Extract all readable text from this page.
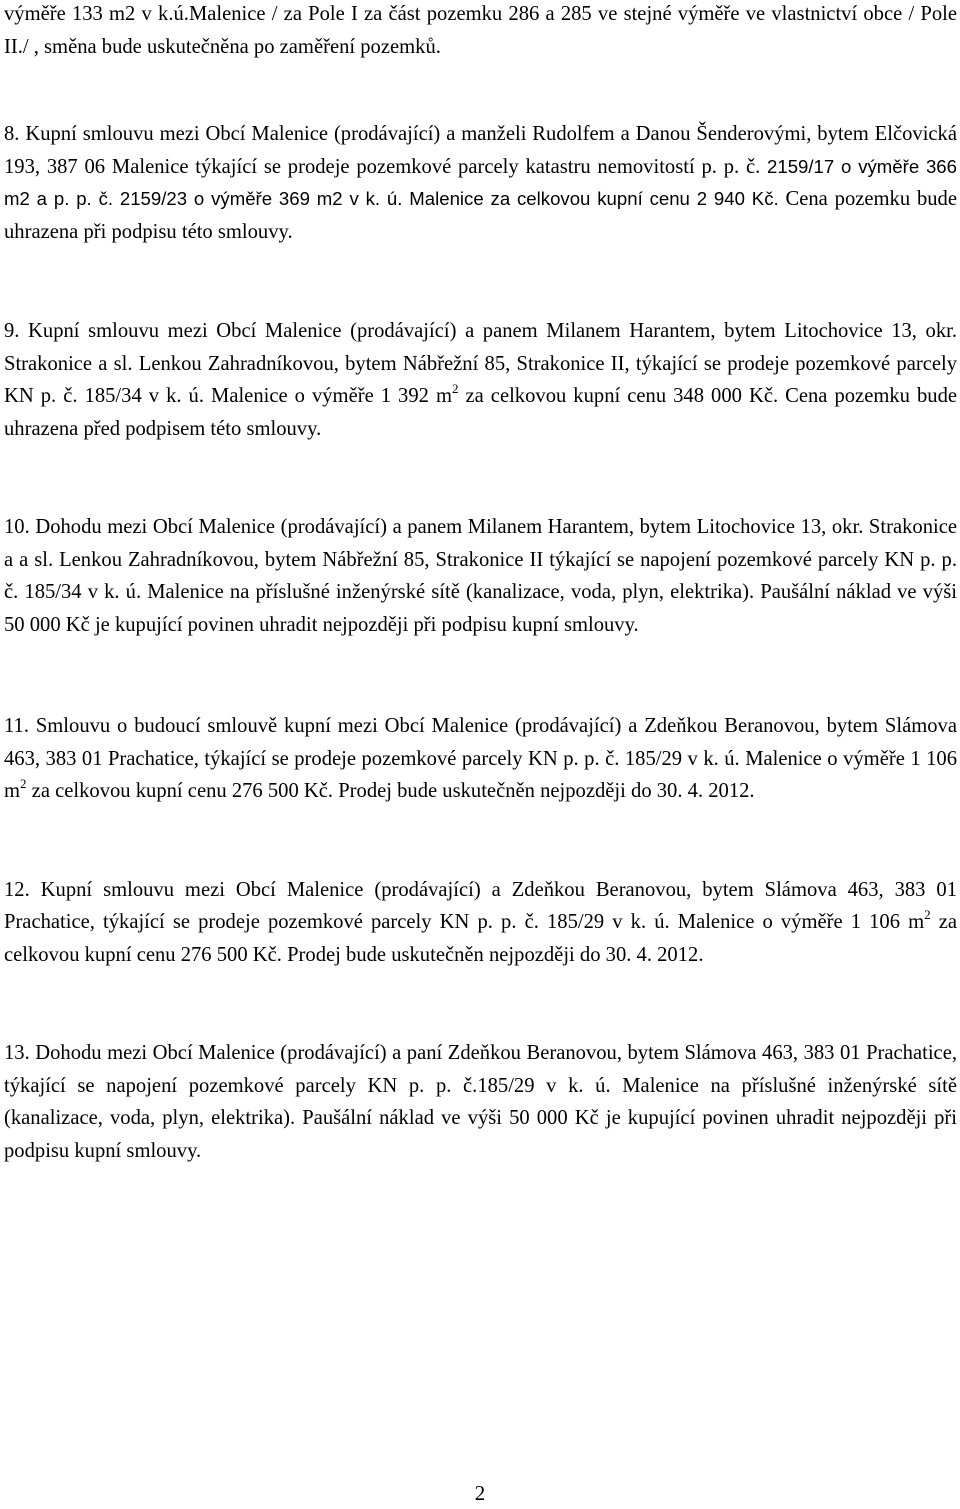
výměře 133 m2 v k.ú.Malenice / za Pole I za část pozemku 286 a 285 ve stejné výměře ve vlastnictví obce / Pole II./ , směna bude uskutečněna po zaměření pozemků.

8. Kupní smlouvu mezi Obcí Malenice (prodávající) a manželi Rudolfem a Danou Šenderovými, bytem Elčovická 193, 387 06 Malenice týkající se prodeje pozemkové parcely katastru nemovitostí p. p. č. 2159/17 o výměře 366 m2 a p. p. č. 2159/23 o výměře 369 m2 v k. ú. Malenice za celkovou kupní cenu 2 940 Kč. Cena pozemku bude uhrazena při podpisu této smlouvy.

9. Kupní smlouvu mezi Obcí Malenice (prodávající) a panem Milanem Harantem, bytem Litochovice 13, okr. Strakonice a sl. Lenkou Zahradníkovou, bytem Nábřežní 85, Strakonice II, týkající se prodeje pozemkové parcely KN p. č. 185/34 v k. ú. Malenice o výměře 1 392 $m^2$ za celkovou kupní cenu 348 000 Kč. Cena pozemku bude uhrazena před podpisem této smlouvy.

10. Dohodu mezi Obcí Malenice (prodávající) a panem Milanem Harantem, bytem Litochovice 13, okr. Strakonice a a sl. Lenkou Zahradníkovou, bytem Nábřežní 85, Strakonice II týkající se napojení pozemkové parcely KN p. p. č. 185/34 v k. ú. Malenice na příslušné inženýrské sítě (kanalizace, voda, plyn, elektrika). Paušální náklad ve výši 50 000 Kč je kupující povinen uhradit nejpozději při podpisu kupní smlouvy.

11. Smlouvu o budoucí smlouvě kupní mezi Obcí Malenice (prodávající) a Zdeňkou Beranovou, bytem Slámova 463, 383 01 Prachatice, týkající se prodeje pozemkové parcely KN p. p. č. 185/29 v k. ú. Malenice o výměře 1 106 $m^2$ za celkovou kupní cenu 276 500 Kč. Prodej bude uskutečněn nejpozději do 30. 4. 2012.

12. Kupní smlouvu mezi Obcí Malenice (prodávající) a Zdeňkou Beranovou, bytem Slámova 463, 383 01 Prachatice, týkající se prodeje pozemkové parcely KN p. p. č. 185/29 v k. ú. Malenice o výměře 1 106 $m^2$ za celkovou kupní cenu 276 500 Kč. Prodej bude uskutečněn nejpozději do 30. 4. 2012.

13. Dohodu mezi Obcí Malenice (prodávající) a paní Zdeňkou Beranovou, bytem Slámova 463, 383 01 Prachatice, týkající se napojení pozemkové parcely KN p. p. č.185/29 v k. ú. Malenice na příslušné inženýrské sítě (kanalizace, voda, plyn, elektrika). Paušální náklad ve výši 50 000 Kč je kupující povinen uhradit nejpozději při podpisu kupní smlouvy.

2
